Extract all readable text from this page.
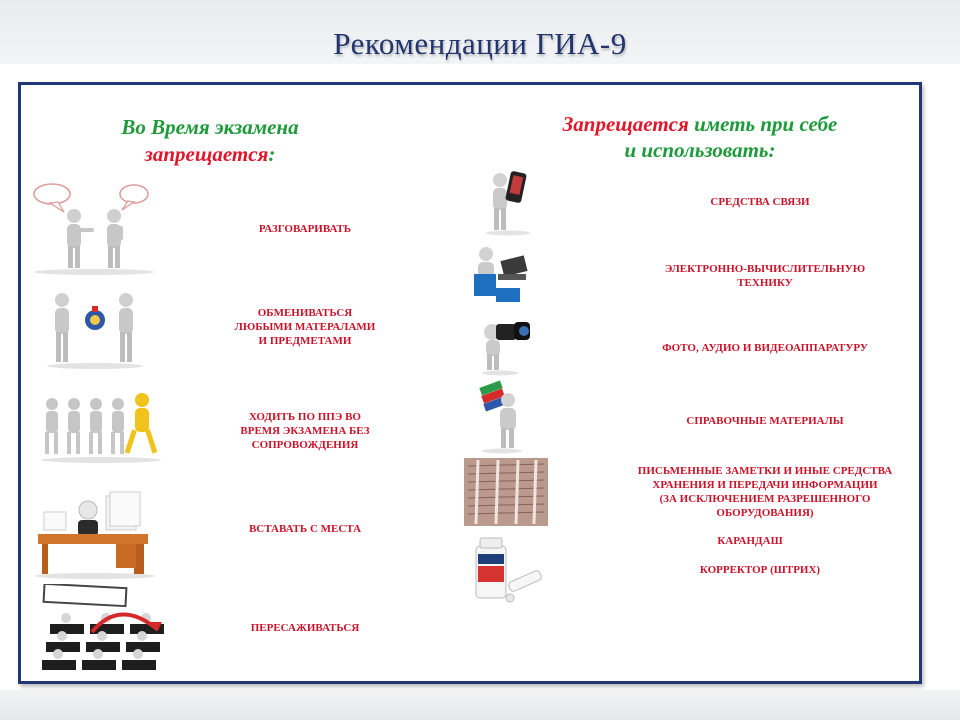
Рекомендации ГИА-9
Во Время экзамена
запрещается:
Запрещается иметь при себе
и использовать:
РАЗГОВАРИВАТЬ
ОБМЕНИВАТЬСЯ
ЛЮБЫМИ МАТЕРАЛАМИ
И ПРЕДМЕТАМИ
ХОДИТЬ ПО ППЭ ВО
ВРЕМЯ ЭКЗАМЕНА БЕЗ
СОПРОВОЖДЕНИЯ
ВСТАВАТЬ С МЕСТА
ПЕРЕСАЖИВАТЬСЯ
СРЕДСТВА СВЯЗИ
ЭЛЕКТРОННО-ВЫЧИСЛИТЕЛЬНУЮ
ТЕХНИКУ
ФОТО, АУДИО И ВИДЕОАППАРАТУРУ
СПРАВОЧНЫЕ МАТЕРИАЛЫ
ПИСЬМЕННЫЕ ЗАМЕТКИ И ИНЫЕ СРЕДСТВА
ХРАНЕНИЯ И ПЕРЕДАЧИ ИНФОРМАЦИИ
(ЗА ИСКЛЮЧЕНИЕМ РАЗРЕШЕННОГО
ОБОРУДОВАНИЯ)
КАРАНДАШ
КОРРЕКТОР (ШТРИХ)
